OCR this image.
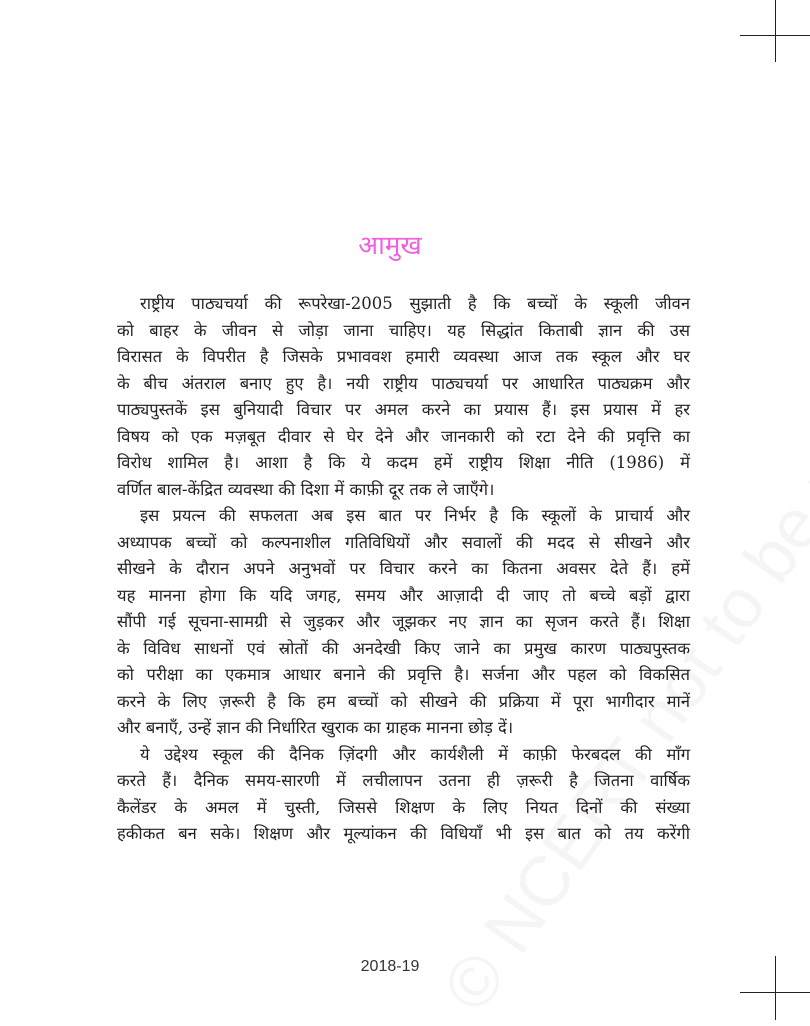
आमुख
राष्ट्रीय पाठ्यचर्या की रूपरेखा-2005 सुझाती है कि बच्चों के स्कूली जीवन
को बाहर के जीवन से जोड़ा जाना चाहिए। यह सिद्धांत किताबी ज्ञान की उस
विरासत के विपरीत है जिसके प्रभाववश हमारी व्यवस्था आज तक स्कूल और घर
के बीच अंतराल बनाए हुए है। नयी राष्ट्रीय पाठ्यचर्या पर आधारित पाठ्यक्रम और
पाठ्यपुस्तकें इस बुनियादी विचार पर अमल करने का प्रयास हैं। इस प्रयास में हर
विषय को एक मज़बूत दीवार से घेर देने और जानकारी को रटा देने की प्रवृत्ति का
विरोध शामिल है। आशा है कि ये कदम हमें राष्ट्रीय शिक्षा नीति (1986) में
वर्णित बाल-केंद्रित व्यवस्था की दिशा में काफ़ी दूर तक ले जाएँगे।
इस प्रयत्न की सफलता अब इस बात पर निर्भर है कि स्कूलों के प्राचार्य और
अध्यापक बच्चों को कल्पनाशील गतिविधियों और सवालों की मदद से सीखने और
सीखने के दौरान अपने अनुभवों पर विचार करने का कितना अवसर देते हैं। हमें
यह मानना होगा कि यदि जगह, समय और आज़ादी दी जाए तो बच्चे बड़ों द्वारा
सौंपी गई सूचना-सामग्री से जुड़कर और जूझकर नए ज्ञान का सृजन करते हैं। शिक्षा
के विविध साधनों एवं स्रोतों की अनदेखी किए जाने का प्रमुख कारण पाठ्यपुस्तक
को परीक्षा का एकमात्र आधार बनाने की प्रवृत्ति है। सर्जना और पहल को विकसित
करने के लिए ज़रूरी है कि हम बच्चों को सीखने की प्रक्रिया में पूरा भागीदार मानें
और बनाएँ, उन्हें ज्ञान की निर्धारित खुराक का ग्राहक मानना छोड़ दें।
ये उद्देश्य स्कूल की दैनिक ज़िंदगी और कार्यशैली में काफ़ी फेरबदल की माँग
करते हैं। दैनिक समय-सारणी में लचीलापन उतना ही ज़रूरी है जितना वार्षिक
कैलेंडर के अमल में चुस्ती, जिससे शिक्षण के लिए नियत दिनों की संख्या
हकीकत बन सके। शिक्षण और मूल्यांकन की विधियाँ भी इस बात को तय करेंगी
2018-19
